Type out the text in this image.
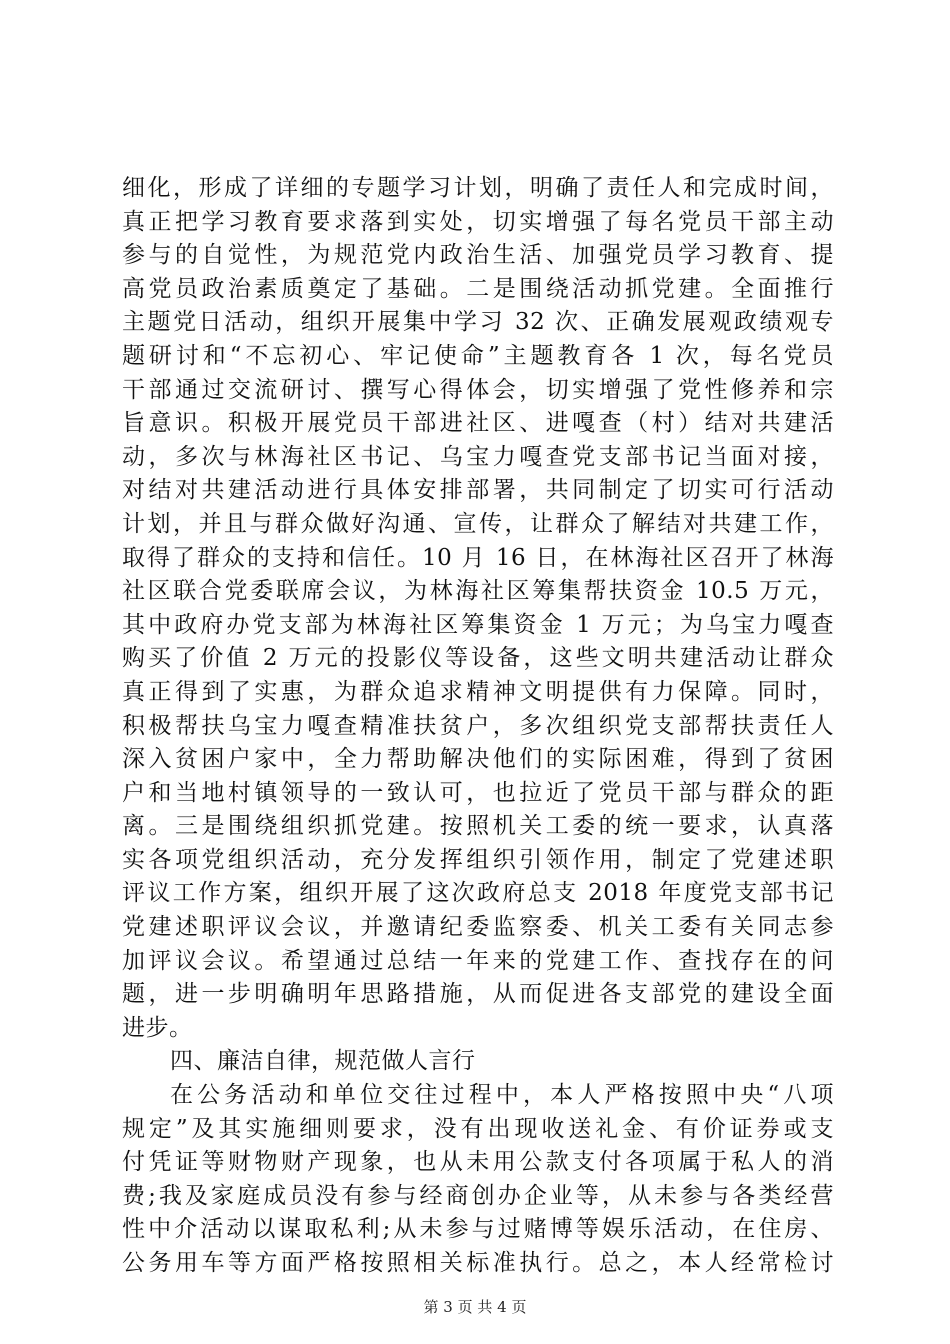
细化，形成了详细的专题学习计划，明确了责任人和完成时间，
真正把学习教育要求落到实处，切实增强了每名党员干部主动
参与的自觉性，为规范党内政治生活、加强党员学习教育、提
高党员政治素质奠定了基础。二是围绕活动抓党建。全面推行
主题党日活动，组织开展集中学习 32 次、正确发展观政绩观专
题研讨和“不忘初心、牢记使命”主题教育各 1 次，每名党员
干部通过交流研讨、撰写心得体会，切实增强了党性修养和宗
旨意识。积极开展党员干部进社区、进嘎查（村）结对共建活
动，多次与林海社区书记、乌宝力嘎查党支部书记当面对接，
对结对共建活动进行具体安排部署，共同制定了切实可行活动
计划，并且与群众做好沟通、宣传，让群众了解结对共建工作，
取得了群众的支持和信任。10 月 16 日，在林海社区召开了林海
社区联合党委联席会议，为林海社区筹集帮扶资金 10.5 万元，
其中政府办党支部为林海社区筹集资金 1 万元；为乌宝力嘎查
购买了价值 2 万元的投影仪等设备，这些文明共建活动让群众
真正得到了实惠，为群众追求精神文明提供有力保障。同时，
积极帮扶乌宝力嘎查精准扶贫户，多次组织党支部帮扶责任人
深入贫困户家中，全力帮助解决他们的实际困难，得到了贫困
户和当地村镇领导的一致认可，也拉近了党员干部与群众的距
离。三是围绕组织抓党建。按照机关工委的统一要求，认真落
实各项党组织活动，充分发挥组织引领作用，制定了党建述职
评议工作方案，组织开展了这次政府总支 2018 年度党支部书记
党建述职评议会议，并邀请纪委监察委、机关工委有关同志参
加评议会议。希望通过总结一年来的党建工作、查找存在的问
题，进一步明确明年思路措施，从而促进各支部党的建设全面
进步。
四、廉洁自律，规范做人言行
在公务活动和单位交往过程中，本人严格按照中央“八项
规定”及其实施细则要求，没有出现收送礼金、有价证券或支
付凭证等财物财产现象，也从未用公款支付各项属于私人的消
费;我及家庭成员没有参与经商创办企业等，从未参与各类经营
性中介活动以谋取私利;从未参与过赌博等娱乐活动，在住房、
公务用车等方面严格按照相关标准执行。总之，本人经常检讨
第 3 页 共 4 页
